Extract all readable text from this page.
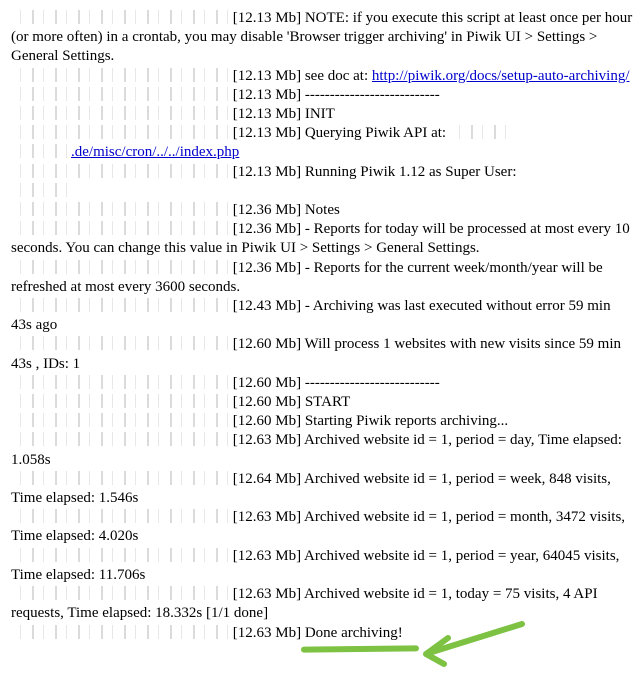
[12.13 Mb] NOTE: if you execute this script at least once per hour (or more often) in a crontab, you may disable 'Browser trigger archiving' in Piwik UI > Settings > General Settings.

[12.13 Mb] see doc at: http://piwik.org/docs/setup-auto-archiving/

[12.13 Mb] ---------------------------

[12.13 Mb] INIT

[12.13 Mb] Querying Piwik API at:
.de/misc/cron/../../index.php

[12.13 Mb] Running Piwik 1.12 as Super User:

[12.36 Mb] Notes

[12.36 Mb] - Reports for today will be processed at most every 10 seconds. You can change this value in Piwik UI > Settings > General Settings.

[12.36 Mb] - Reports for the current week/month/year will be refreshed at most every 3600 seconds.

[12.43 Mb] - Archiving was last executed without error 59 min 43s ago

[12.60 Mb] Will process 1 websites with new visits since 59 min 43s , IDs: 1

[12.60 Mb] ---------------------------

[12.60 Mb] START

[12.60 Mb] Starting Piwik reports archiving...

[12.63 Mb] Archived website id = 1, period = day, Time elapsed: 1.058s

[12.64 Mb] Archived website id = 1, period = week, 848 visits, Time elapsed: 1.546s

[12.63 Mb] Archived website id = 1, period = month, 3472 visits, Time elapsed: 4.020s

[12.63 Mb] Archived website id = 1, period = year, 64045 visits, Time elapsed: 11.706s

[12.63 Mb] Archived website id = 1, today = 75 visits, 4 API requests, Time elapsed: 18.332s [1/1 done]

[12.63 Mb] Done archiving!
